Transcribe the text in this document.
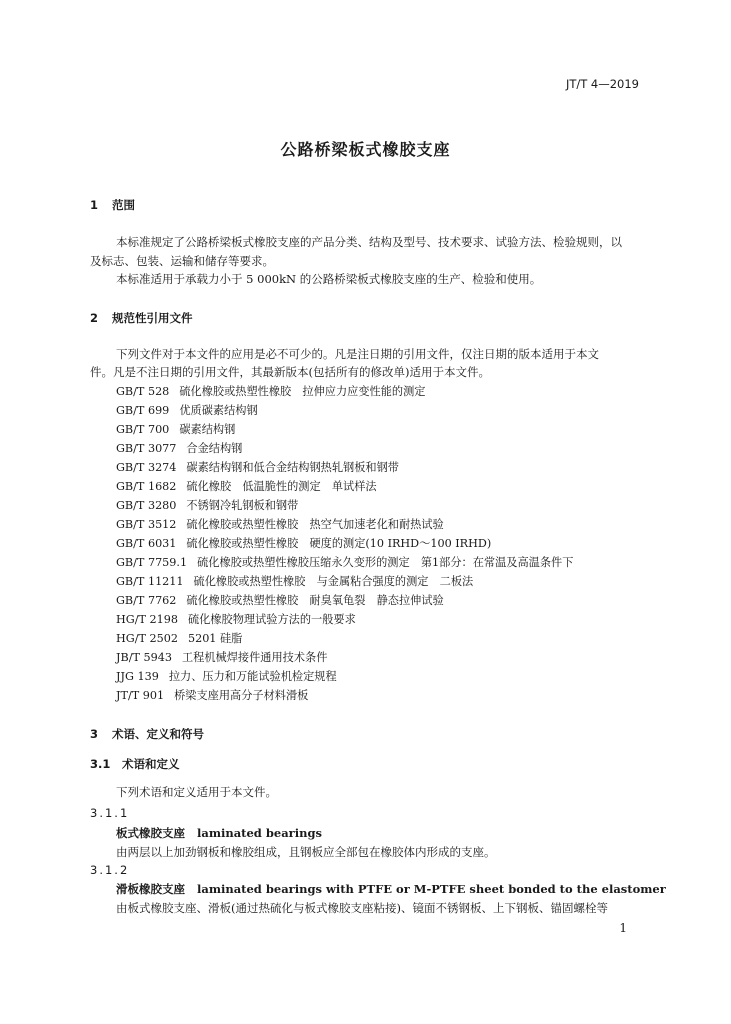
JT/T 4—2019
公路桥梁板式橡胶支座
1 范围
本标准规定了公路桥梁板式橡胶支座的产品分类、结构及型号、技术要求、试验方法、检验规则，以
及标志、包装、运输和储存等要求。
本标准适用于承载力小于 5 000kN 的公路桥梁板式橡胶支座的生产、检验和使用。
2 规范性引用文件
下列文件对于本文件的应用是必不可少的。凡是注日期的引用文件，仅注日期的版本适用于本文
件。凡是不注日期的引用文件，其最新版本(包括所有的修改单)适用于本文件。
GB/T 528 硫化橡胶或热塑性橡胶　拉伸应力应变性能的测定
GB/T 699 优质碳素结构钢
GB/T 700 碳素结构钢
GB/T 3077 合金结构钢
GB/T 3274 碳素结构钢和低合金结构钢热轧钢板和钢带
GB/T 1682 硫化橡胶　低温脆性的测定　单试样法
GB/T 3280 不锈钢冷轧钢板和钢带
GB/T 3512 硫化橡胶或热塑性橡胶　热空气加速老化和耐热试验
GB/T 6031 硫化橡胶或热塑性橡胶　硬度的测定(10 IRHD～100 IRHD)
GB/T 7759.1 硫化橡胶或热塑性橡胶压缩永久变形的测定　第1部分：在常温及高温条件下
GB/T 11211 硫化橡胶或热塑性橡胶　与金属粘合强度的测定　二板法
GB/T 7762 硫化橡胶或热塑性橡胶　耐臭氧龟裂　静态拉伸试验
HG/T 2198 硫化橡胶物理试验方法的一般要求
HG/T 2502 5201 硅脂
JB/T 5943 工程机械焊接件通用技术条件
JJG 139 拉力、压力和万能试验机检定规程
JT/T 901 桥梁支座用高分子材料滑板
3 术语、定义和符号
3.1 术语和定义
下列术语和定义适用于本文件。
3.1.1
板式橡胶支座 laminated bearings
由两层以上加劲钢板和橡胶组成，且钢板应全部包在橡胶体内形成的支座。
3.1.2
滑板橡胶支座 laminated bearings with PTFE or M-PTFE sheet bonded to the elastomer
由板式橡胶支座、滑板(通过热硫化与板式橡胶支座粘接)、镜面不锈钢板、上下钢板、锚固螺栓等
1
